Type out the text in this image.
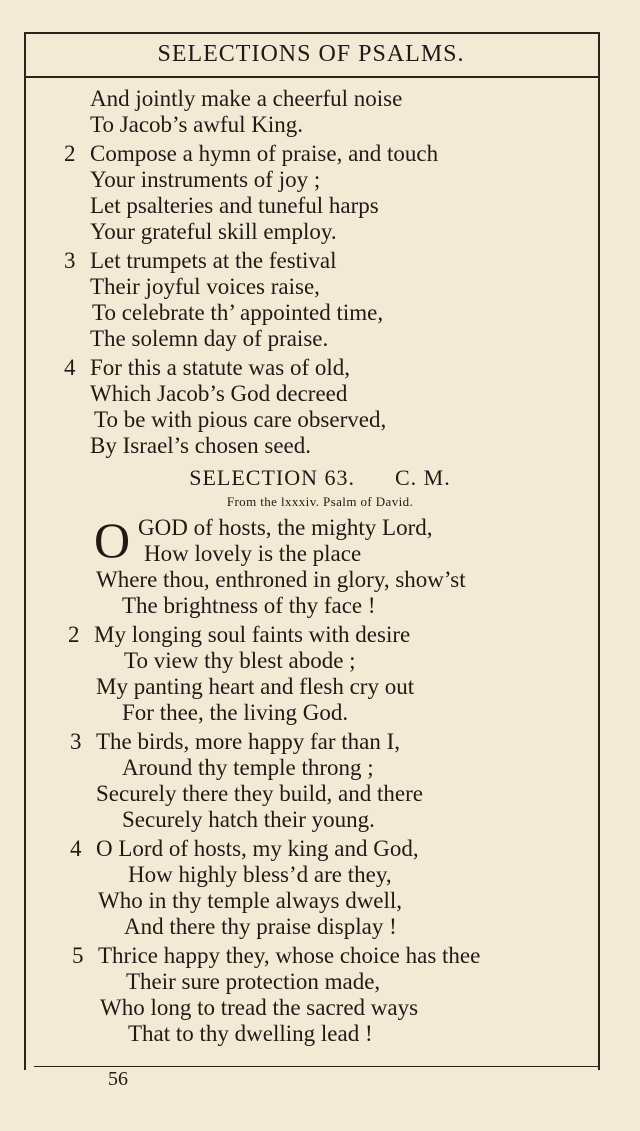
SELECTIONS OF PSALMS.
And jointly make a cheerful noise
To Jacob’s awful King.
2 Compose a hymn of praise, and touch
Your instruments of joy ;
Let psalteries and tuneful harps
Your grateful skill employ.
3 Let trumpets at the festival
Their joyful voices raise,
To celebrate th’ appointed time,
The solemn day of praise.
4 For this a statute was of old,
Which Jacob’s God decreed
To be with pious care observed,
By Israel’s chosen seed.
SELECTION 63. C. M.
From the lxxxiv. Psalm of David.
O GOD of hosts, the mighty Lord,
How lovely is the place
Where thou, enthroned in glory, show’st
The brightness of thy face !
2 My longing soul faints with desire
To view thy blest abode ;
My panting heart and flesh cry out
For thee, the living God.
3 The birds, more happy far than I,
Around thy temple throng ;
Securely there they build, and there
Securely hatch their young.
4 O Lord of hosts, my king and God,
How highly bless’d are they,
Who in thy temple always dwell,
And there thy praise display !
5 Thrice happy they, whose choice has thee
Their sure protection made,
Who long to tread the sacred ways
That to thy dwelling lead !
56
